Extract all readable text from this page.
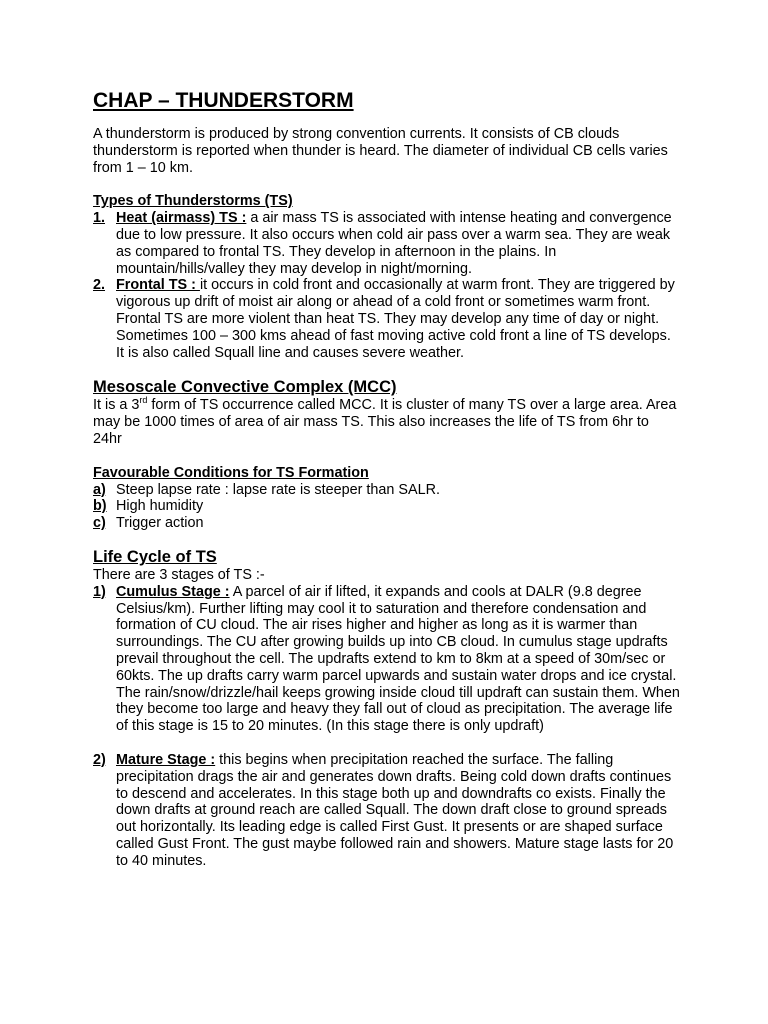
CHAP – THUNDERSTORM

A thunderstorm is produced by strong convention currents. It consists of CB clouds thunderstorm is reported when thunder is heard. The diameter of individual CB cells varies from 1 – 10 km.

Types of Thunderstorms (TS)

1. Heat (airmass) TS : a air mass TS is associated with intense heating and convergence due to low pressure. It also occurs when cold air pass over a warm sea. They are weak as compared to frontal TS. They develop in afternoon in the plains. In mountain/hills/valley they may develop in night/morning.
2. Frontal TS : it occurs in cold front and occasionally at warm front. They are triggered by vigorous up drift of moist air along or ahead of a cold front or sometimes warm front. Frontal TS are more violent than heat TS. They may develop any time of day or night. Sometimes 100 – 300 kms ahead of fast moving active cold front a line of TS develops. It is also called Squall line and causes severe weather.

Mesoscale Convective Complex (MCC)

It is a 3rd form of TS occurrence called MCC. It is cluster of many TS over a large area. Area may be 1000 times of area of air mass TS. This also increases the life of TS from 6hr to 24hr

Favourable Conditions for TS Formation

a) Steep lapse rate : lapse rate is steeper than SALR.
b) High humidity
c) Trigger action

Life Cycle of TS

There are 3 stages of TS :-

1) Cumulus Stage : A parcel of air if lifted, it expands and cools at DALR (9.8 degree Celsius/km). Further lifting may cool it to saturation and therefore condensation and formation of CU cloud. The air rises higher and higher as long as it is warmer than surroundings. The CU after growing builds up into CB cloud. In cumulus stage updrafts prevail throughout the cell. The updrafts extend to km to 8km at a speed of 30m/sec or 60kts. The up drafts carry warm parcel upwards and sustain water drops and ice crystal. The rain/snow/drizzle/hail keeps growing inside cloud till updraft can sustain them. When they become too large and heavy they fall out of cloud as precipitation. The average life of this stage is 15 to 20 minutes. (In this stage there is only updraft)
2) Mature Stage : this begins when precipitation reached the surface. The falling precipitation drags the air and generates down drafts. Being cold down drafts continues to descend and accelerates. In this stage both up and downdrafts co exists. Finally the down drafts at ground reach are called Squall. The down draft close to ground spreads out horizontally. Its leading edge is called First Gust. It presents or are shaped surface called Gust Front. The gust maybe followed rain and showers. Mature stage lasts for 20 to 40 minutes.
